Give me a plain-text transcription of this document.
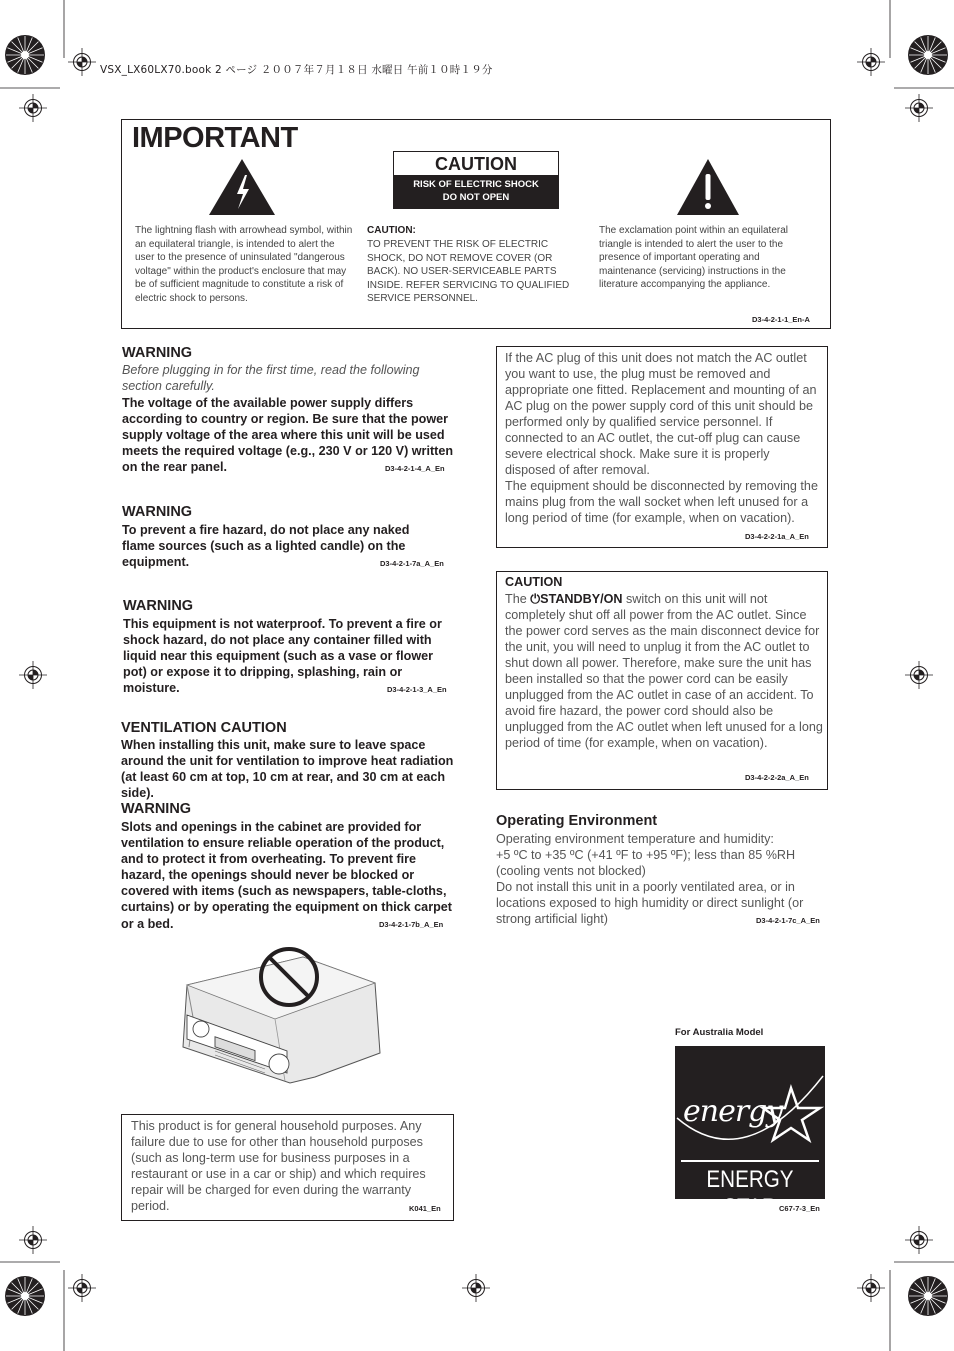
VSX_LX60LX70.book 2 ページ ２００７年７月１８日 水曜日 午前１０時１９分
IMPORTANT
CAUTION
RISK OF ELECTRIC SHOCK
DO NOT OPEN
The lightning flash with arrowhead symbol, within an equilateral triangle, is intended to alert the user to the presence of uninsulated "dangerous voltage" within the product's enclosure that may be of sufficient magnitude to constitute a risk of electric shock to persons.
CAUTION:
TO PREVENT THE RISK OF ELECTRIC SHOCK, DO NOT REMOVE COVER (OR BACK). NO USER-SERVICEABLE PARTS INSIDE. REFER SERVICING TO QUALIFIED SERVICE PERSONNEL.
The exclamation point within an equilateral triangle is intended to alert the user to the presence of important operating and maintenance (servicing) instructions in the literature accompanying the appliance.
D3-4-2-1-1_En-A
WARNING
Before plugging in for the first time, read the following section carefully.
The voltage of the available power supply differs according to country or region. Be sure that the power supply voltage of the area where this unit will be used meets the required voltage (e.g., 230 V or 120 V) written on the rear panel.	D3-4-2-1-4_A_En
WARNING
To prevent a fire hazard, do not place any naked flame sources (such as a lighted candle) on the equipment.	D3-4-2-1-7a_A_En
WARNING
This equipment is not waterproof. To prevent a fire or shock hazard, do not place any container filled with liquid near this equipment (such as a vase or flower pot) or expose it to dripping, splashing, rain or moisture.	D3-4-2-1-3_A_En
VENTILATION CAUTION
When installing this unit, make sure to leave space around the unit for ventilation to improve heat radiation (at least 60 cm at top, 10 cm at rear, and 30 cm at each side).
WARNING
Slots and openings in the cabinet are provided for ventilation to ensure reliable operation of the product, and to protect it from overheating. To prevent fire hazard, the openings should never be blocked or covered with items (such as newspapers, table-cloths, curtains) or by operating the equipment on thick carpet or a bed.	D3-4-2-1-7b_A_En
This product is for general household purposes. Any failure due to use for other than household purposes (such as long-term use for business purposes in a restaurant or use in a car or ship) and which requires repair will be charged for even during the warranty period.	K041_En
If the AC plug of this unit does not match the AC outlet you want to use, the plug must be removed and appropriate one fitted. Replacement and mounting of an AC plug on the power supply cord of this unit should be performed only by qualified service personnel. If connected to an AC outlet, the cut-off plug can cause severe electrical shock. Make sure it is properly disposed of after removal.
The equipment should be disconnected by removing the mains plug from the wall socket when left unused for a long period of time (for example, when on vacation).
D3-4-2-2-1a_A_En
CAUTION
The ⏻STANDBY/ON switch on this unit will not completely shut off all power from the AC outlet. Since the power cord serves as the main disconnect device for the unit, you will need to unplug it from the AC outlet to shut down all power. Therefore, make sure the unit has been installed so that the power cord can be easily unplugged from the AC outlet in case of an accident. To avoid fire hazard, the power cord should also be unplugged from the AC outlet when left unused for a long period of time (for example, when on vacation).
D3-4-2-2-2a_A_En
Operating Environment
Operating environment temperature and humidity:
+5 ºC to +35 ºC (+41 ºF to +95 ºF); less than 85 %RH (cooling vents not blocked)
Do not install this unit in a poorly ventilated area, or in locations exposed to high humidity or direct sunlight (or strong artificial light)	D3-4-2-1-7c_A_En
For Australia Model
energy
ENERGY STAR C67-7-3_En
